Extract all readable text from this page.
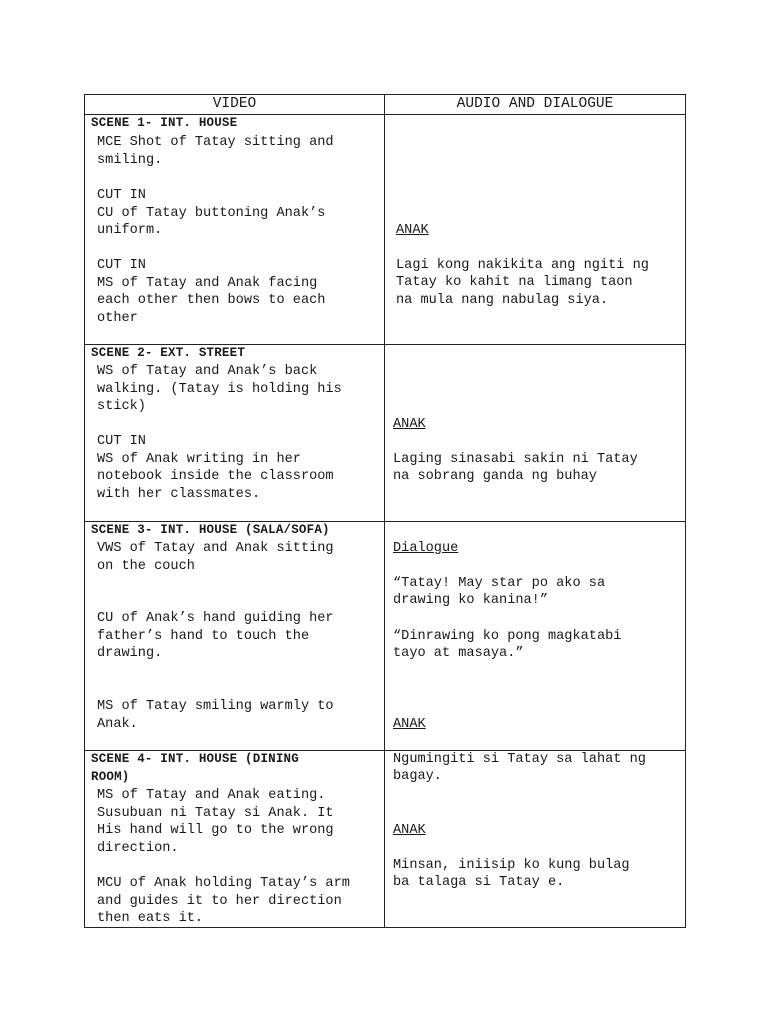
VIDEO	AUDIO AND DIALOGUE
SCENE 1- INT. HOUSE
MCE Shot of Tatay sitting and
smiling.
CUT IN
CU of Tatay buttoning Anak’s
uniform.
CUT IN
MS of Tatay and Anak facing
each other then bows to each
other

ANAK

Lagi kong nakikita ang ngiti ng
Tatay ko kahit na limang taon
na mula nang nabulag siya.

SCENE 2- EXT. STREET
WS of Tatay and Anak’s back
walking. (Tatay is holding his
stick)
CUT IN
WS of Anak writing in her
notebook inside the classroom
with her classmates.

ANAK

Laging sinasabi sakin ni Tatay
na sobrang ganda ng buhay

SCENE 3- INT. HOUSE (SALA/SOFA)
VWS of Tatay and Anak sitting
on the couch
CU of Anak’s hand guiding her
father’s hand to touch the
drawing.
MS of Tatay smiling warmly to
Anak.

Dialogue

“Tatay! May star po ako sa
drawing ko kanina!”

“Dinrawing ko pong magkatabi
tayo at masaya.”

ANAK

Ngumingiti si Tatay sa lahat ng
bagay.

SCENE 4- INT. HOUSE (DINING
ROOM)
MS of Tatay and Anak eating.
Susubuan ni Tatay si Anak. It
His hand will go to the wrong
direction.
MCU of Anak holding Tatay’s arm
and guides it to her direction
then eats it.

ANAK

Minsan, iniisip ko kung bulag
ba talaga si Tatay e.
